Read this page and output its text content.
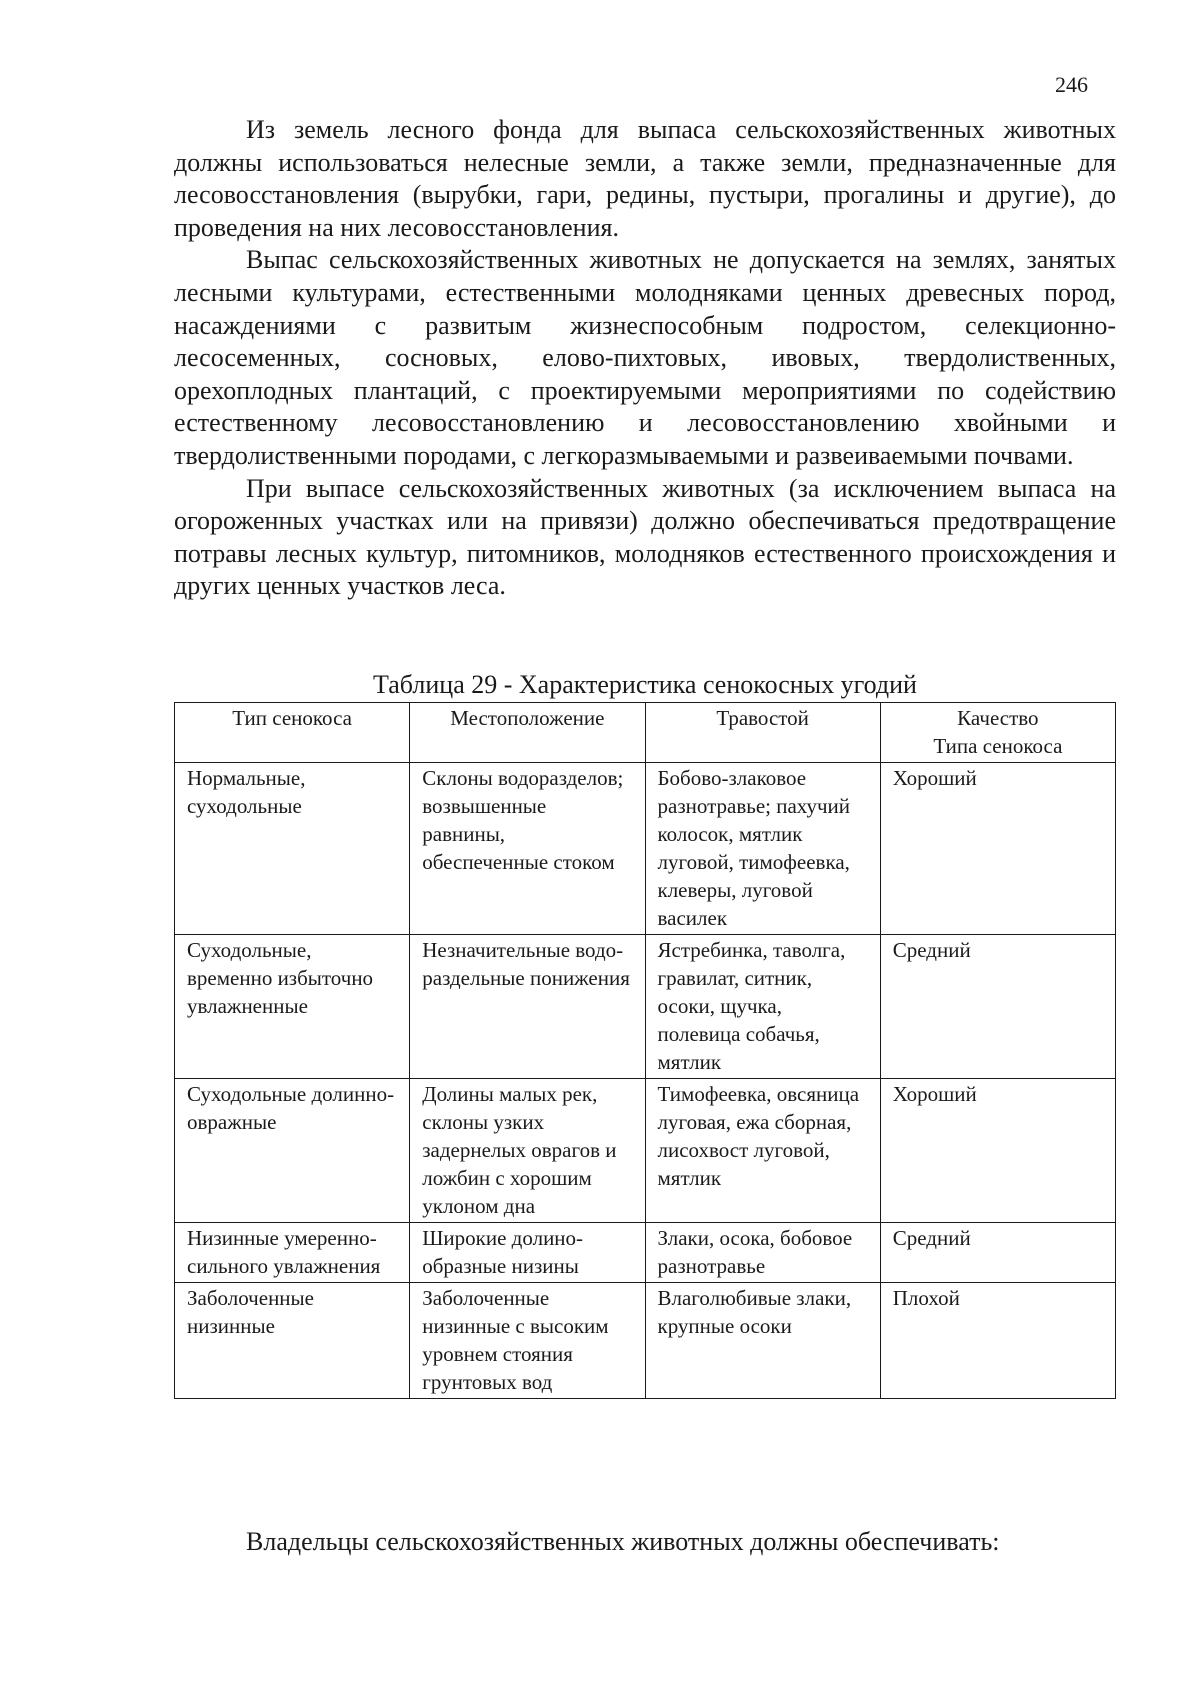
246

Из земель лесного фонда для выпаса сельскохозяйственных животных должны использоваться нелесные земли, а также земли, предназначенные для лесовосстановления (вырубки, гари, редины, пустыри, прогалины и другие), до проведения на них лесовосстановления.

Выпас сельскохозяйственных животных не допускается на землях, занятых лесными культурами, естественными молодняками ценных древесных пород, насаждениями с развитым жизнеспособным подростом, селекционно-лесосеменных, сосновых, елово-пихтовых, ивовых, твердолиственных, орехоплодных плантаций, с проектируемыми мероприятиями по содействию естественному лесовосстановлению и лесовосстановлению хвойными и твердолиственными породами, с легкоразмываемыми и развеиваемыми почвами.

При выпасе сельскохозяйственных животных (за исключением выпаса на огороженных участках или на привязи) должно обеспечиваться предотвращение потравы лесных культур, питомников, молодняков естественного происхождения и других ценных участков леса.

Таблица 29 - Характеристика сенокосных угодий
Тип сенокоса	Местоположение	Травостой	Качество
Типа сенокоса

Нормальные, суходольные	Склоны водоразделов; возвышенные равнины, обеспеченные стоком	Бобово-злаковое разнотравье; пахучий колосок, мятлик луговой, тимофеевка, клеверы, луговой василек	Хороший
Суходольные, временно избыточно увлажненные	Незначительные водо- раздельные понижения	Ястребинка, таволга, гравилат, ситник, осоки, щучка, полевица собачья, мятлик	Средний
Суходольные долинно-овражные	Долины малых рек, склоны узких задернелых оврагов и ложбин с хорошим уклоном дна	Тимофеевка, овсяница луговая, ежа сборная, лисохвост луговой, мятлик	Хороший
Низинные умеренно- сильного увлажнения	Широкие долино- образные низины	Злаки, осока, бобовое разнотравье	Средний
Заболоченные низинные	Заболоченные низинные с высоким уровнем стояния грунтовых вод	Влаголюбивые злаки, крупные осоки	Плохой
Владельцы сельскохозяйственных животных должны обеспечивать:
